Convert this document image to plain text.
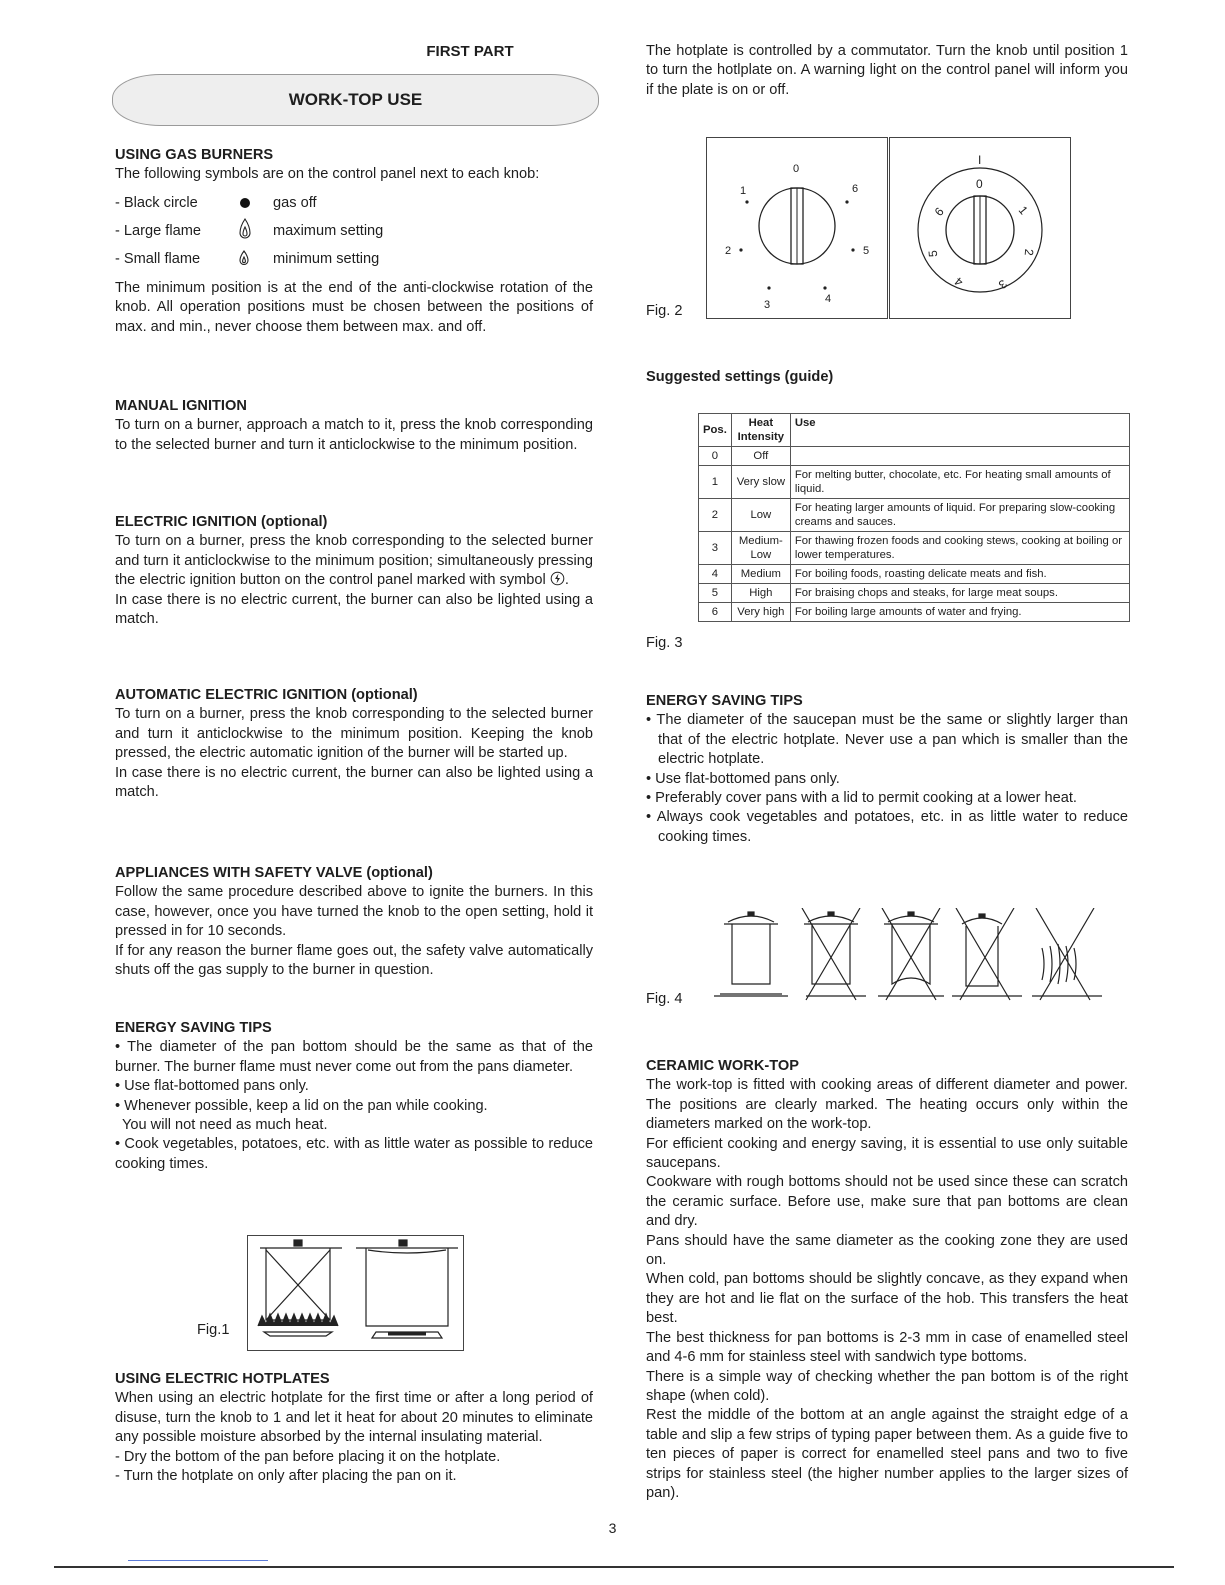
FIRST PART
WORK-TOP USE

USING GAS BURNERS

The following symbols are on the control panel next to each knob:

- Black circle	gas off
- Large flame	maximum setting
- Small flame	minimum setting
The minimum position is at the end of the anti-clockwise rotation of the knob. All operation positions must be chosen between the positions of max. and min., never choose them between max. and off.

MANUAL IGNITION

To turn on a burner, approach a match to it, press the knob corresponding to the selected burner and turn it anticlockwise to the minimum position.

ELECTRIC IGNITION (optional)

To turn on a burner, press the knob corresponding to the selected burner and turn it anticlockwise to the minimum position; simultaneously pressing the electric ignition button on the control panel marked with symbol .

In case there is no electric current, the burner can also be lighted using a match.

AUTOMATIC ELECTRIC IGNITION (optional)

To turn on a burner, press the knob corresponding to the selected burner and turn it anticlockwise to the minimum position. Keeping the knob pressed, the electric automatic ignition of the burner will be started up.

In case there is no electric current, the burner can also be lighted using a match.

APPLIANCES WITH SAFETY VALVE (optional)

Follow the same procedure described above to ignite the burners. In this case, however, once you have turned the knob to the open setting, hold it pressed in for 10 seconds.

If for any reason the burner flame goes out, the safety valve automatically shuts off the gas supply to the burner in question.

ENERGY SAVING TIPS

• The diameter of the pan bottom should be the same as that of the burner. The burner flame must never come out from the pans diameter.

• Use flat-bottomed pans only.

• Whenever possible, keep a lid on the pan while cooking.

You will not need as much heat.

• Cook vegetables, potatoes, etc. with as little water as possible to reduce cooking times.

Fig.1

USING ELECTRIC HOTPLATES

When using an electric hotplate for the first time or after a long period of disuse, turn the knob to 1 and let it heat for about 20 minutes to eliminate any possible moisture absorbed by the internal insulating material.

- Dry the bottom of the pan before placing it on the hotplate.

- Turn the hotplate on only after placing the pan on it.

The hotplate is controlled by a commutator. Turn the knob until position 1 to turn the hotlplate on. A warning light on the control panel will inform you if the plate is on or off.
Fig. 2
0
1
2
3	4
5
6
I
0
1
2
3
4
5
6
Suggested settings (guide)
Fig. 3
Pos.	Heat Intensity	Use
0	Off	
1	Very slow	For melting butter, chocolate, etc. For heating small amounts of liquid.
2	Low	For heating larger amounts of liquid. For preparing slow-cooking creams and sauces.
3	Medium-Low	For thawing frozen foods and cooking stews, cooking at boiling or lower temperatures.
4	Medium	For boiling foods, roasting delicate meats and fish.
5	High	For braising chops and steaks, for large meat soups.
6	Very high	For boiling large amounts of water and frying.

ENERGY SAVING TIPS

• The diameter of the saucepan must be the same or slightly larger than that of the electric hotplate. Never use a pan which is smaller than the electric hotplate.

• Use flat-bottomed pans only.

• Preferably cover pans with a lid to permit cooking at a lower heat.

• Always cook vegetables and potatoes, etc. in as little water to reduce cooking times.

Fig. 4

CERAMIC WORK-TOP

The work-top is fitted with cooking areas of different diameter and power. The positions are clearly marked. The heating occurs only within the diameters marked on the work-top.

For efficient cooking and energy saving, it is essential to use only suitable saucepans.

Cookware with rough bottoms should not be used since these can scratch the ceramic surface. Before use, make sure that pan bottoms are clean and dry.

Pans should have the same diameter as the cooking zone they are used on.

When cold, pan bottoms should be slightly concave, as they expand when they are hot and lie flat on the surface of the hob. This transfers the heat best.

The best thickness for pan bottoms is 2-3 mm in case of enamelled steel and 4-6 mm for stainless steel with sandwich type bottoms.

There is a simple way of checking whether the pan bottom is of the right shape (when cold).

Rest the middle of the bottom at an angle against the straight edge of a table and slip a few strips of typing paper between them. As a guide five to ten pieces of paper is correct for enamelled steel pans and two to five strips for stainless steel (the higher number applies to the larger sizes of pan).

3
